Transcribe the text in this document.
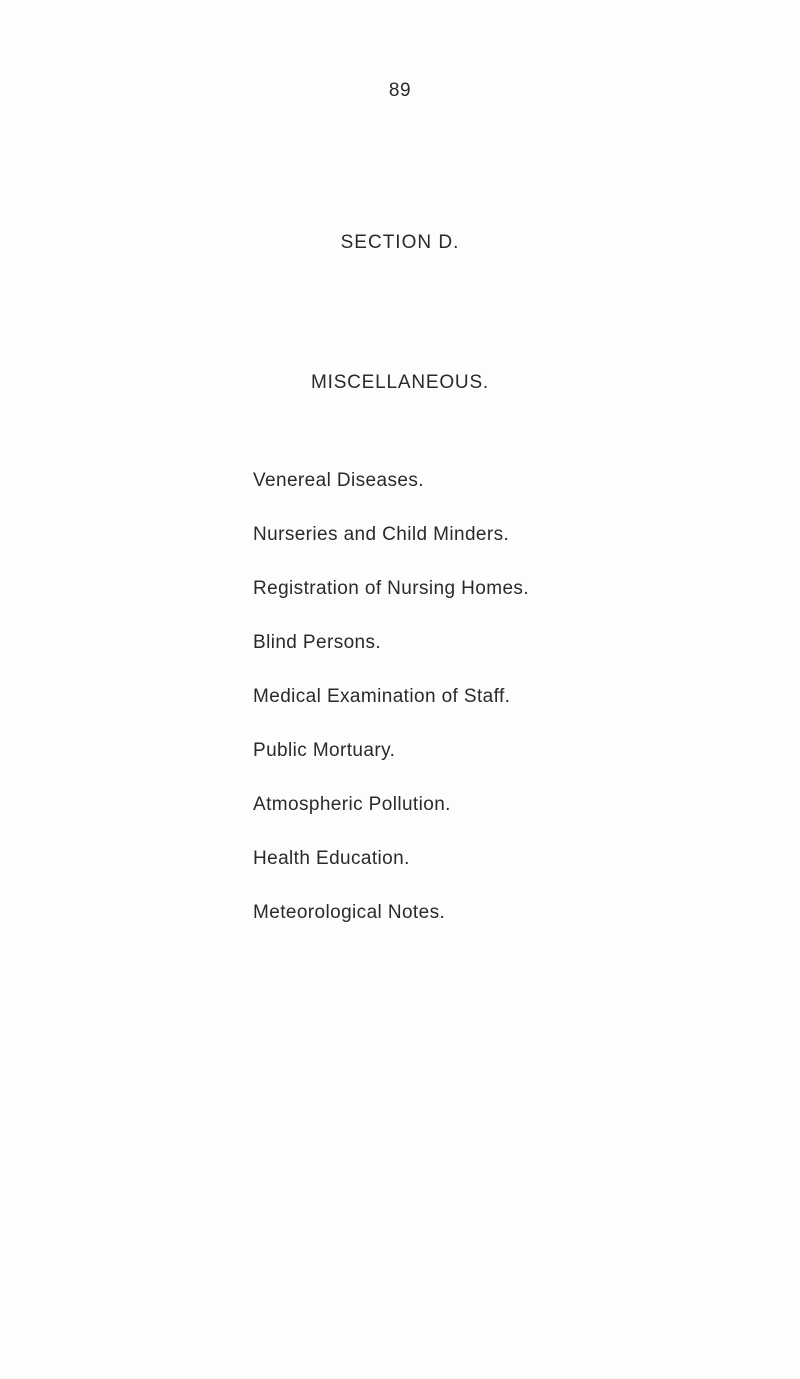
89
SECTION D.
MISCELLANEOUS.
Venereal Diseases.
Nurseries and Child Minders.
Registration of Nursing Homes.
Blind Persons.
Medical Examination of Staff.
Public Mortuary.
Atmospheric Pollution.
Health Education.
Meteorological Notes.
